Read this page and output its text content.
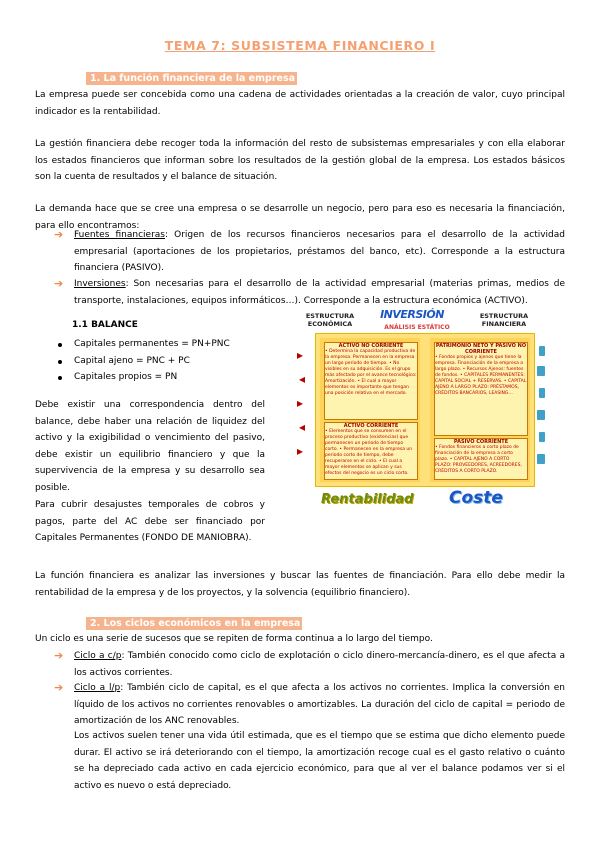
TEMA 7: SUBSISTEMA FINANCIERO I
1. La función financiera de la empresa

La empresa puede ser concebida como una cadena de actividades orientadas a la creación de valor, cuyo principal indicador es la rentabilidad.

La gestión financiera debe recoger toda la información del resto de subsistemas empresariales y con ella elaborar los estados financieros que informan sobre los resultados de la gestión global de la empresa. Los estados básicos son la cuenta de resultados y el balance de situación.

La demanda hace que se cree una empresa o se desarrolle un negocio, pero para eso es necesaria la financiación, para ello encontramos:

➔ Fuentes financieras: Origen de los recursos financieros necesarios para el desarrollo de la actividad empresarial (aportaciones de los propietarios, préstamos del banco, etc). Corresponde a la estructura financiera (PASIVO).

➔ Inversiones: Son necesarias para el desarrollo de la actividad empresarial (materias primas, medios de transporte, instalaciones, equipos informáticos…). Corresponde a la estructura económica (ACTIVO).

1.1 BALANCE
Capitales permanentes = PN+PNC
Capital ajeno = PNC + PC
Capitales propios = PN

Debe existir una correspondencia dentro del balance, debe haber una relación de liquidez del activo y la exigibilidad o vencimiento del pasivo, debe existir un equilibrio financiero y que la supervivencia de la empresa y su desarrollo sea posible.

Para cubrir desajustes temporales de cobros y pagos, parte del AC debe ser financiado por Capitales Permanentes (FONDO DE MANIOBRA).

ESTRUCTURA ECONÓMICA
ESTRUCTURA FINANCIERA
INVERSIÓN
ANÁLISIS ESTÁTICO
ACTIVO NO CORRIENTE
• Determina la capacidad productiva de la empresa. Permanecen en la empresa un largo periodo de tiempo. • No visibles en su adquisición. Es el grupo más afectado por el avance tecnológico: Amortización. • El cual a mayor elementos es importante que tengan una posición relativa en el mercado.
ACTIVO CORRIENTE
• Elementos que se consumen en el proceso productivo (existencias) que permanecen un periodo de tiempo corto. • Permanecen en la empresa un periodo corto de tiempo, debe recuperarse en el ciclo. • El cual a mayor elementos se aplican y sus efectos del negocio es un ciclo corto.
PATRIMONIO NETO Y PASIVO NO CORRIENTE
• Fondos propios y ajenos que tiene la empresa. Financiación de la empresa a largo plazo. • Recursos Ajenos: fuentes de fondos. • CAPITALES PERMANENTES: CAPITAL SOCIAL + RESERVAS. • CAPITAL AJENO A LARGO PLAZO: PRÉSTAMOS, CRÉDITOS BANCARIOS, LEASING…
PASIVO CORRIENTE
• Fondos financieros a corto plazo de financiación de la empresa a corto plazo. • CAPITAL AJENO A CORTO PLAZO: PROVEEDORES, ACREEDORES, CRÉDITOS A CORTO PLAZO.
▸
◂
▸
◂
▸
Rentabilidad Coste

La función financiera es analizar las inversiones y buscar las fuentes de financiación. Para ello debe medir la rentabilidad de la empresa y de los proyectos, y la solvencia (equilibrio financiero).

2. Los ciclos económicos en la empresa

Un ciclo es una serie de sucesos que se repiten de forma continua a lo largo del tiempo.

➔ Ciclo a c/p: También conocido como ciclo de explotación o ciclo dinero-mercancía-dinero, es el que afecta a los activos corrientes.

➔ Ciclo a l/p: También ciclo de capital, es el que afecta a los activos no corrientes. Implica la conversión en líquido de los activos no corrientes renovables o amortizables. La duración del ciclo de capital = periodo de amortización de los ANC renovables.

Los activos suelen tener una vida útil estimada, que es el tiempo que se estima que dicho elemento puede durar. El activo se irá deteriorando con el tiempo, la amortización recoge cual es el gasto relativo o cuánto se ha depreciado cada activo en cada ejercicio económico, para que al ver el balance podamos ver si el activo es nuevo o está depreciado.
